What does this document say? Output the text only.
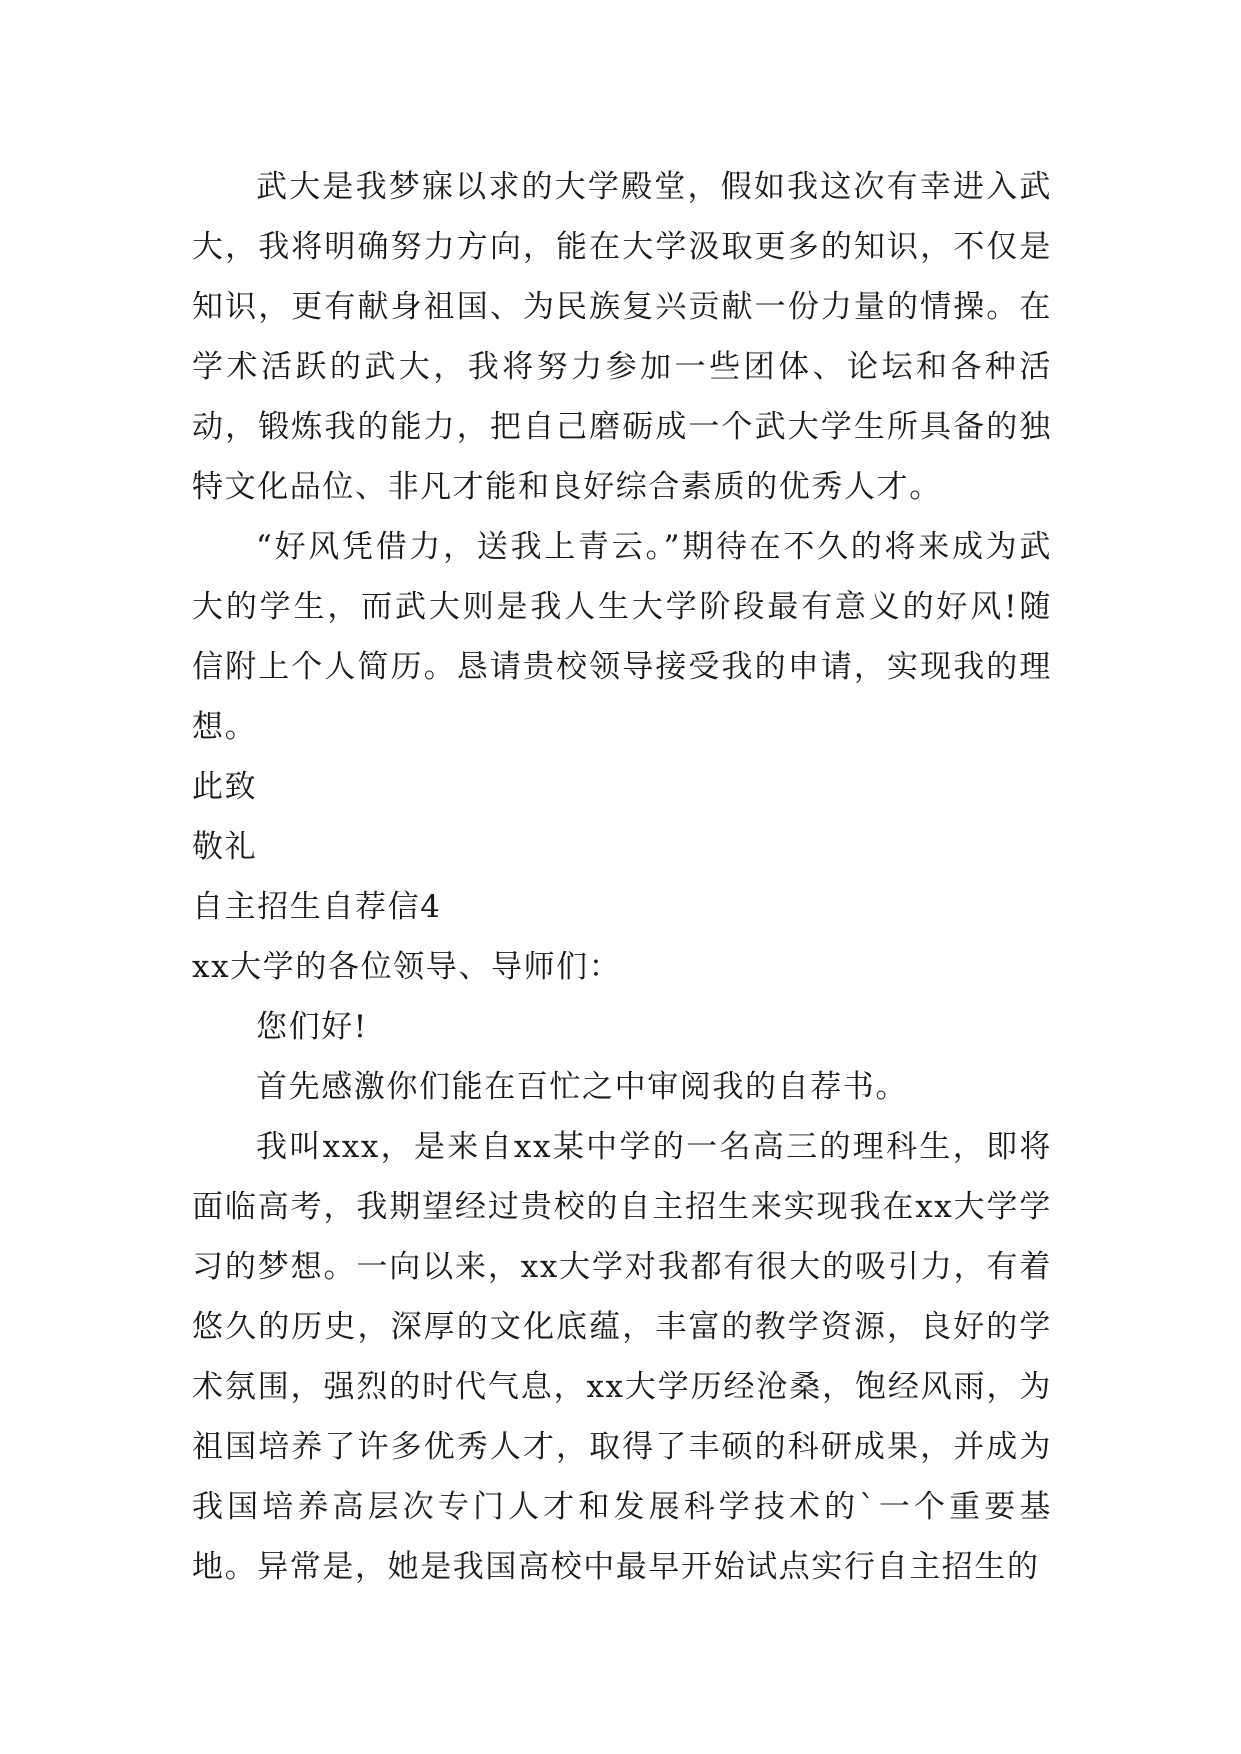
武大是我梦寐以求的大学殿堂，假如我这次有幸进入武大，我将明确努力方向，能在大学汲取更多的知识，不仅是知识，更有献身祖国、为民族复兴贡献一份力量的情操。在学术活跃的武大，我将努力参加一些团体、论坛和各种活动，锻炼我的能力，把自己磨砺成一个武大学生所具备的独特文化品位、非凡才能和良好综合素质的优秀人才。

“好风凭借力，送我上青云。”期待在不久的将来成为武大的学生，而武大则是我人生大学阶段最有意义的好风!随信附上个人简历。恳请贵校领导接受我的申请，实现我的理想。

此致

敬礼

自主招生自荐信4

xx大学的各位领导、导师们：

您们好!

首先感激你们能在百忙之中审阅我的自荐书。

我叫xxx，是来自xx某中学的一名高三的理科生，即将面临高考，我期望经过贵校的自主招生来实现我在xx大学学习的梦想。一向以来，xx大学对我都有很大的吸引力，有着悠久的历史，深厚的文化底蕴，丰富的教学资源，良好的学术氛围，强烈的时代气息，xx大学历经沧桑，饱经风雨，为祖国培养了许多优秀人才，取得了丰硕的科研成果，并成为我国培养高层次专门人才和发展科学技术的`一个重要基地。异常是，她是我国高校中最早开始试点实行自主招生的
